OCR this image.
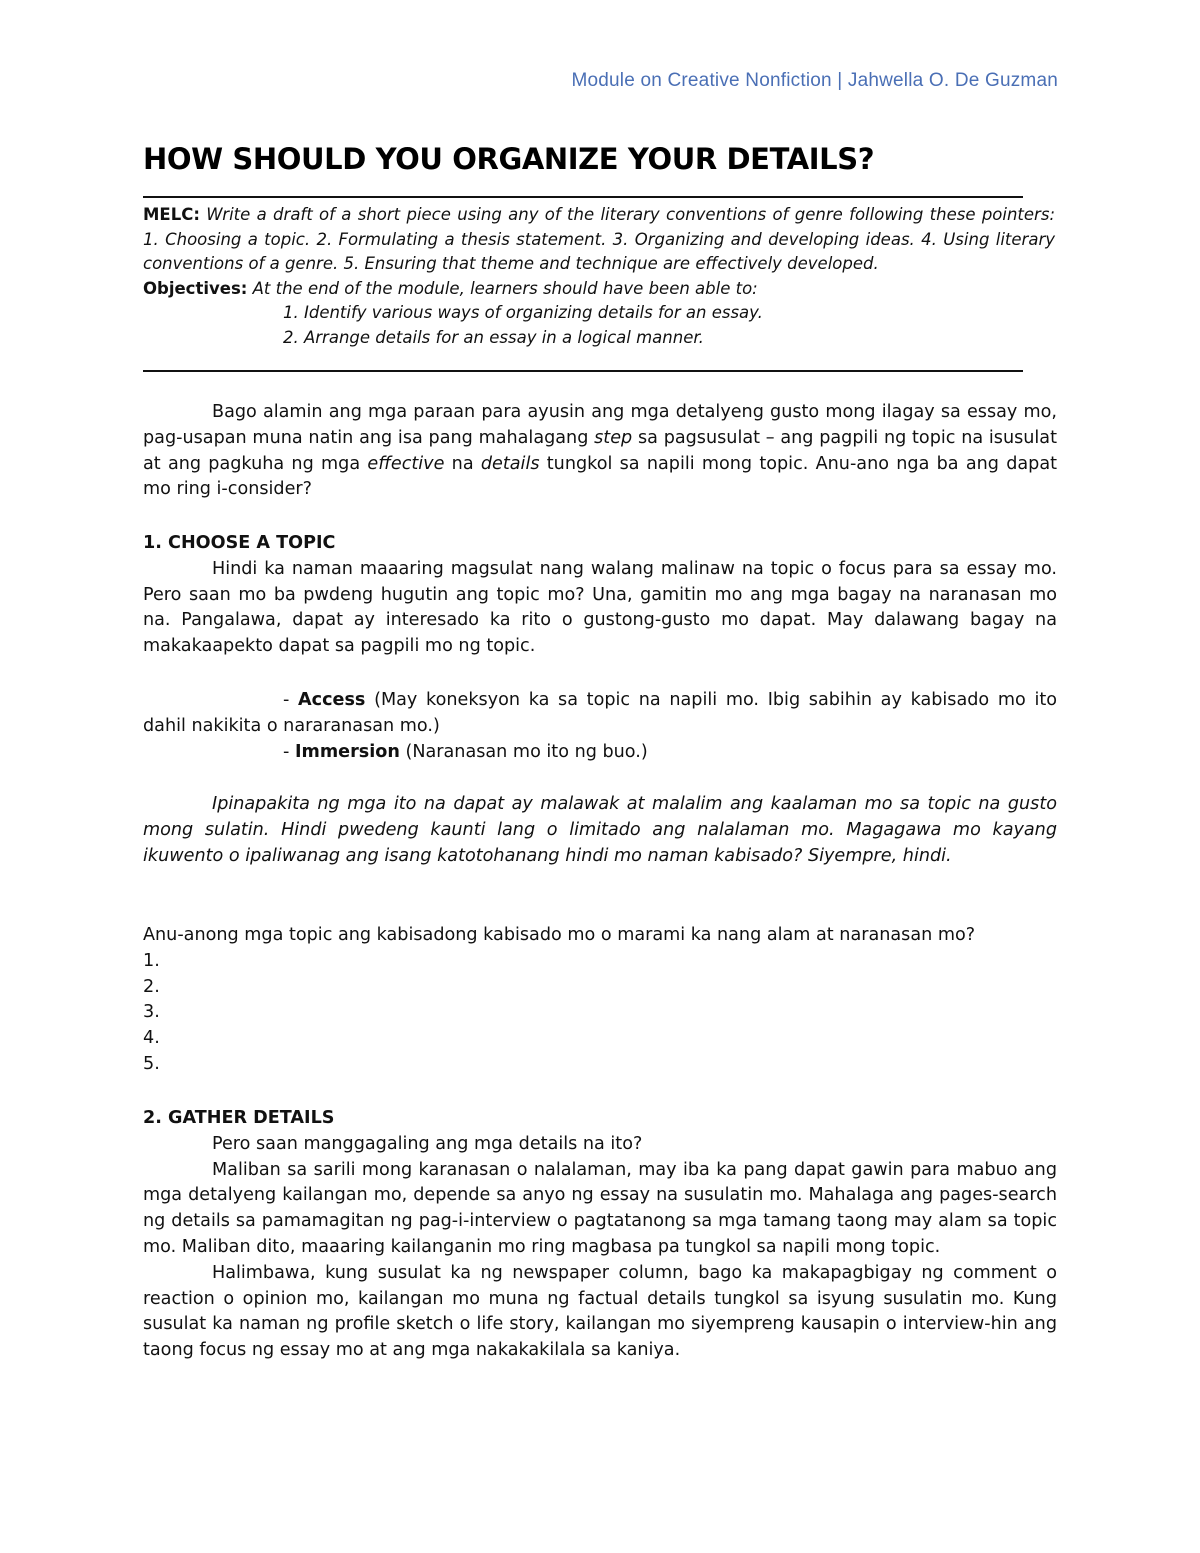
Module on Creative Nonfiction | Jahwella O. De Guzman
HOW SHOULD YOU ORGANIZE YOUR DETAILS?
MELC: Write a draft of a short piece using any of the literary conventions of genre following these pointers: 1. Choosing a topic. 2. Formulating a thesis statement. 3. Organizing and developing ideas. 4. Using literary conventions of a genre. 5. Ensuring that theme and technique are effectively developed.
Objectives: At the end of the module, learners should have been able to:
1. Identify various ways of organizing details for an essay.
2. Arrange details for an essay in a logical manner.

Bago alamin ang mga paraan para ayusin ang mga detalyeng gusto mong ilagay sa essay mo, pag-usapan muna natin ang isa pang mahalagang step sa pagsusulat – ang pagpili ng topic na isusulat at ang pagkuha ng mga effective na details tungkol sa napili mong topic. Anu-ano nga ba ang dapat mo ring i-consider?

1. CHOOSE A TOPIC

Hindi ka naman maaaring magsulat nang walang malinaw na topic o focus para sa essay mo. Pero saan mo ba pwdeng hugutin ang topic mo? Una, gamitin mo ang mga bagay na naranasan mo na. Pangalawa, dapat ay interesado ka rito o gustong-gusto mo dapat. May dalawang bagay na makakaapekto dapat sa pagpili mo ng topic.

- Access (May koneksyon ka sa topic na napili mo. Ibig sabihin ay kabisado mo ito dahil nakikita o nararanasan mo.)

- Immersion (Naranasan mo ito ng buo.)

Ipinapakita ng mga ito na dapat ay malawak at malalim ang kaalaman mo sa topic na gusto mong sulatin. Hindi pwedeng kaunti lang o limitado ang nalalaman mo. Magagawa mo kayang ikuwento o ipaliwanag ang isang katotohanang hindi mo naman kabisado? Siyempre, hindi.

Anu-anong mga topic ang kabisadong kabisado mo o marami ka nang alam at naranasan mo?

1.

2.

3.

4.

5.

2. GATHER DETAILS

Pero saan manggagaling ang mga details na ito?

Maliban sa sarili mong karanasan o nalalaman, may iba ka pang dapat gawin para mabuo ang mga detalyeng kailangan mo, depende sa anyo ng essay na susulatin mo. Mahalaga ang pages-search ng details sa pamamagitan ng pag-i-interview o pagtatanong sa mga tamang taong may alam sa topic mo. Maliban dito, maaaring kailanganin mo ring magbasa pa tungkol sa napili mong topic.

Halimbawa, kung susulat ka ng newspaper column, bago ka makapagbigay ng comment o reaction o opinion mo, kailangan mo muna ng factual details tungkol sa isyung susulatin mo. Kung susulat ka naman ng profile sketch o life story, kailangan mo siyempreng kausapin o interview-hin ang taong focus ng essay mo at ang mga nakakakilala sa kaniya.
